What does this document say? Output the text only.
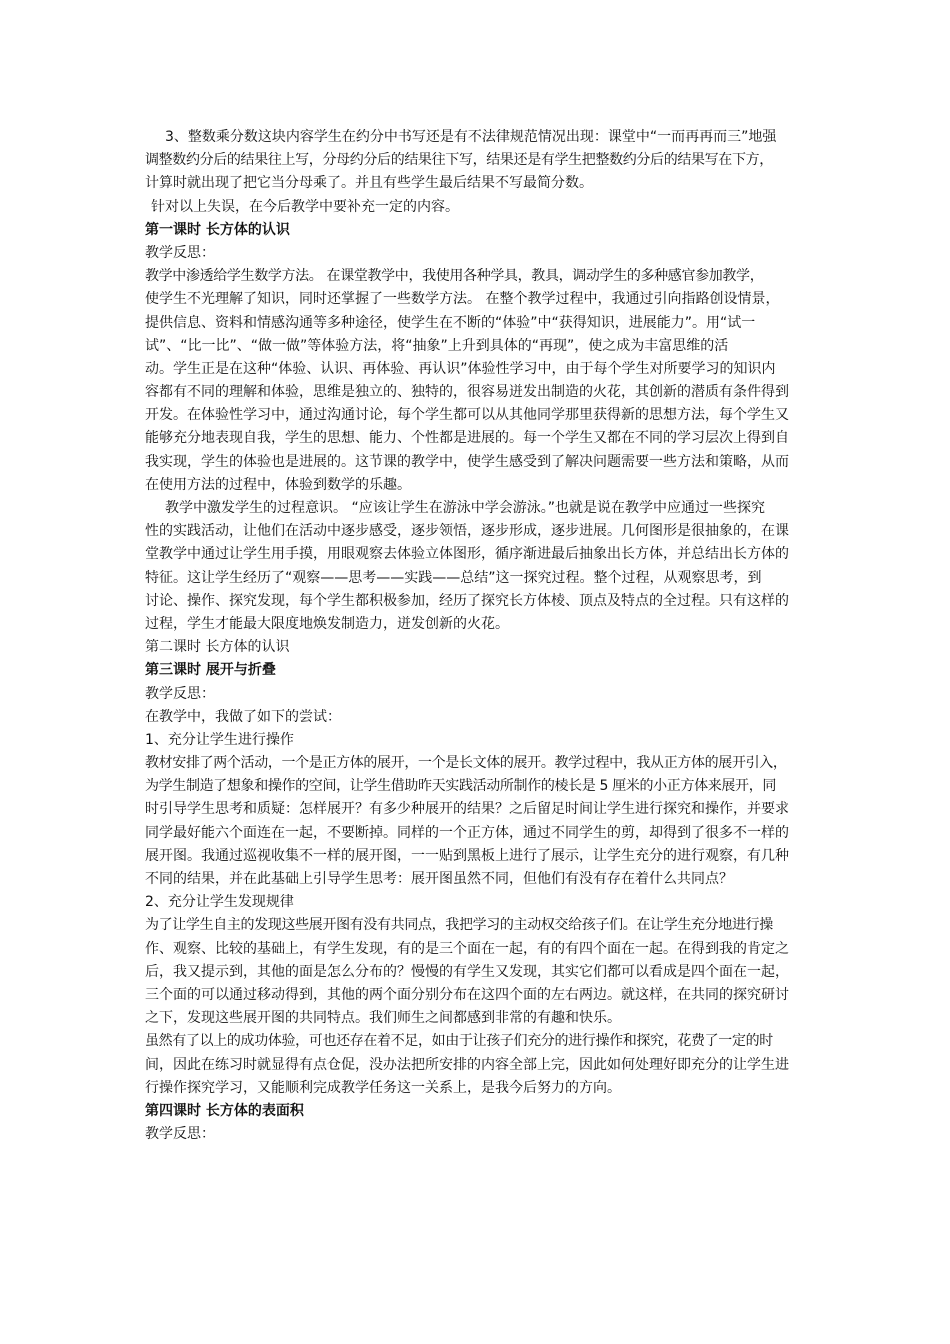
3、整数乘分数这块内容学生在约分中书写还是有不法律规范情况出现：课堂中“一而再再而三”地强
调整数约分后的结果往上写，分母约分后的结果往下写，结果还是有学生把整数约分后的结果写在下方，
计算时就出现了把它当分母乘了。并且有些学生最后结果不写最简分数。
针对以上失误，在今后教学中要补充一定的内容。
第一课时 长方体的认识
教学反思：
教学中渗透给学生数学方法。 在课堂教学中，我使用各种学具，教具，调动学生的多种感官参加教学，
使学生不光理解了知识，同时还掌握了一些数学方法。 在整个教学过程中，我通过引向指路创设情景，
提供信息、资料和情感沟通等多种途径，使学生在不断的“体验”中“获得知识，进展能力”。用“试一
试”、“比一比”、“做一做”等体验方法，将“抽象”上升到具体的“再现”，使之成为丰富思维的活
动。学生正是在这种“体验、认识、再体验、再认识”体验性学习中，由于每个学生对所要学习的知识内
容都有不同的理解和体验，思维是独立的、独特的，很容易迸发出制造的火花，其创新的潜质有条件得到
开发。在体验性学习中，通过沟通讨论，每个学生都可以从其他同学那里获得新的思想方法，每个学生又
能够充分地表现自我，学生的思想、能力、个性都是进展的。每一个学生又都在不同的学习层次上得到自
我实现，学生的体验也是进展的。这节课的教学中，使学生感受到了解决问题需要一些方法和策略，从而
在使用方法的过程中，体验到数学的乐趣。
教学中激发学生的过程意识。 “应该让学生在游泳中学会游泳。”也就是说在教学中应通过一些探究
性的实践活动，让他们在活动中逐步感受，逐步领悟，逐步形成，逐步进展。几何图形是很抽象的，在课
堂教学中通过让学生用手摸，用眼观察去体验立体图形，循序渐进最后抽象出长方体，并总结出长方体的
特征。这让学生经历了“观察——思考——实践——总结”这一探究过程。整个过程，从观察思考，到
讨论、操作、探究发现，每个学生都积极参加，经历了探究长方体棱、顶点及特点的全过程。只有这样的
过程，学生才能最大限度地焕发制造力，迸发创新的火花。
第二课时 长方体的认识
第三课时 展开与折叠
教学反思：
在教学中，我做了如下的尝试：
1、充分让学生进行操作
教材安排了两个活动，一个是正方体的展开，一个是长文体的展开。教学过程中，我从正方体的展开引入，
为学生制造了想象和操作的空间，让学生借助昨天实践活动所制作的棱长是 5 厘米的小正方体来展开，同
时引导学生思考和质疑：怎样展开？有多少种展开的结果？之后留足时间让学生进行探究和操作，并要求
同学最好能六个面连在一起，不要断掉。同样的一个正方体，通过不同学生的剪，却得到了很多不一样的
展开图。我通过巡视收集不一样的展开图，一一贴到黑板上进行了展示，让学生充分的进行观察，有几种
不同的结果，并在此基础上引导学生思考：展开图虽然不同，但他们有没有存在着什么共同点？
2、充分让学生发现规律
为了让学生自主的发现这些展开图有没有共同点，我把学习的主动权交给孩子们。在让学生充分地进行操
作、观察、比较的基础上，有学生发现，有的是三个面在一起，有的有四个面在一起。在得到我的肯定之
后，我又提示到，其他的面是怎么分布的？慢慢的有学生又发现，其实它们都可以看成是四个面在一起，
三个面的可以通过移动得到，其他的两个面分别分布在这四个面的左右两边。就这样，在共同的探究研讨
之下，发现这些展开图的共同特点。我们师生之间都感到非常的有趣和快乐。
虽然有了以上的成功体验，可也还存在着不足，如由于让孩子们充分的进行操作和探究，花费了一定的时
间，因此在练习时就显得有点仓促，没办法把所安排的内容全部上完，因此如何处理好即充分的让学生进
行操作探究学习，又能顺利完成教学任务这一关系上，是我今后努力的方向。
第四课时 长方体的表面积
教学反思：
